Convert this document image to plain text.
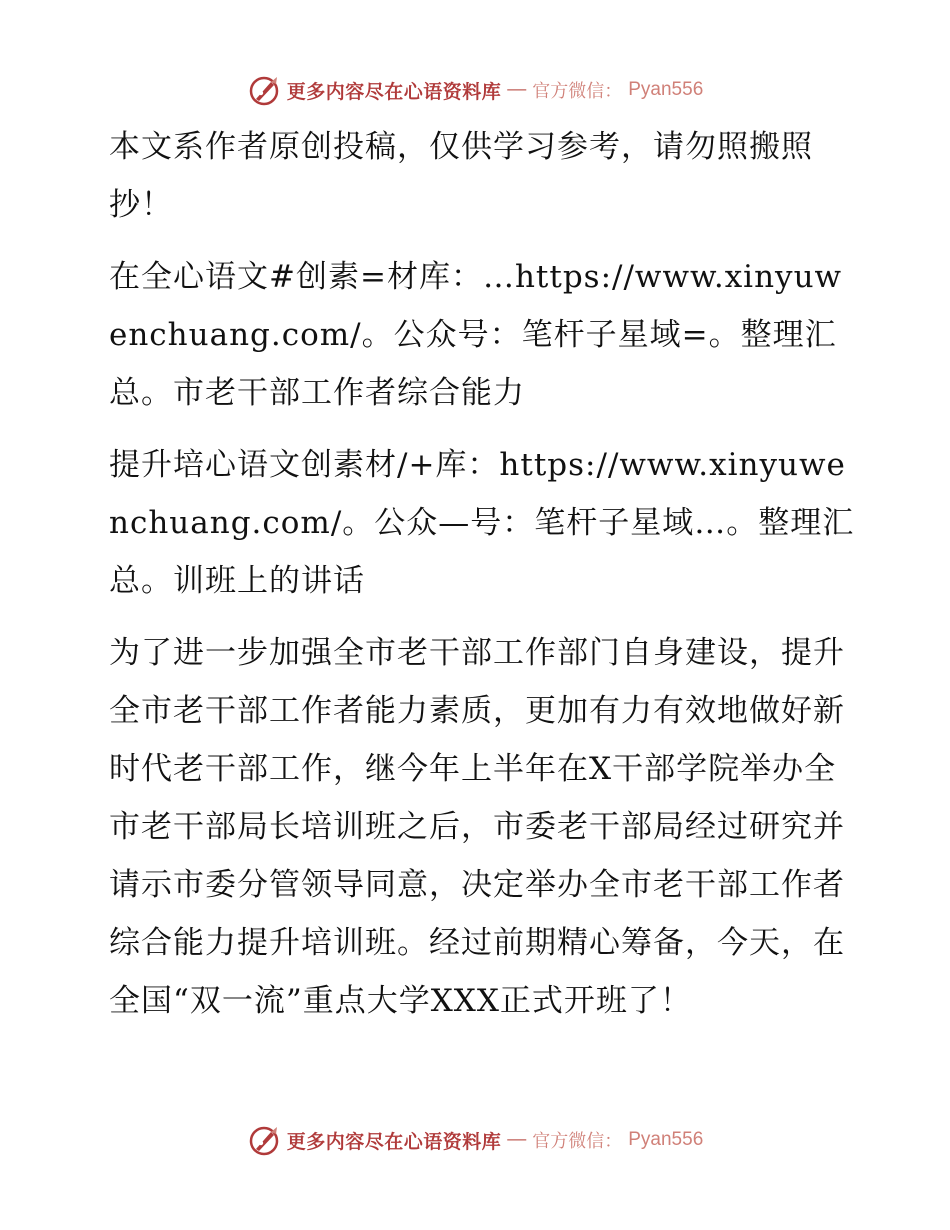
更多内容尽在心语资料库 — 官方微信： Pyan556

本文系作者原创投稿，仅供学习参考，请勿照搬照抄！

在全心语文#创素=材库：…https://www.xinyuwenchuang.com/。公众号：笔杆子星域=。整理汇总。市老干部工作者综合能力

提升培心语文创素材/+库：https://www.xinyuwenchuang.com/。公众—号：笔杆子星域…。整理汇总。训班上的讲话

为了进一步加强全市老干部工作部门自身建设，提升全市老干部工作者能力素质，更加有力有效地做好新时代老干部工作，继今年上半年在X干部学院举办全市老干部局长培训班之后，市委老干部局经过研究并请示市委分管领导同意，决定举办全市老干部工作者综合能力提升培训班。经过前期精心筹备，今天，在全国“双一流”重点大学XXX正式开班了！

更多内容尽在心语资料库 — 官方微信： Pyan556
